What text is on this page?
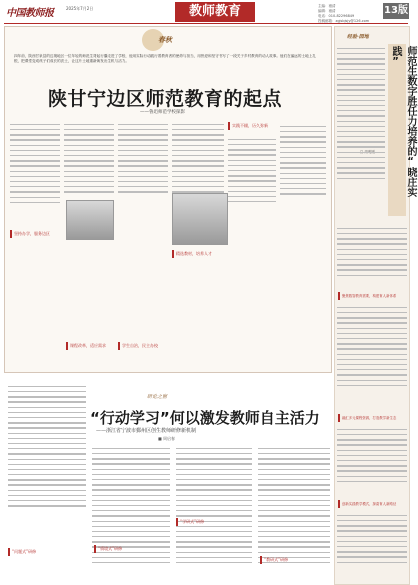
中国教师报	2025年7月2日	教师教育	主编：褚清
编辑：褚清
电话：010-82296849
投稿邮箱：zgjsbjsjy@126.com
13版
春秋
四年前，陕西甘泉县的边境地区一位年轻的师范生背起行囊走进了学校，他用实际行动践行着教育者的使命与担当，用热爱和坚守书写了一段关于乡村教育的动人故事。他们在偏远的土地上扎根，把课堂变成孩子们成长的沃土，让这片土地重新焕发出生机与活力。
陕甘宁边区师范教育的起点
——鲁迅师范学校探影
坚持办学，服务边区
课程改革，适应需求	学生自治，民主办校
实践不辍，历久弥新
研论之窗
“行动学习”何以激发教师自主活力
——浙江省宁波市鄞州区创生教师研修新机制
■ 周启春
“问题式”研修
“情境式”研修
“学研式”研修
“教研式”研修
经验·园地
师范生数字胜任力培养的“晓庄实践”
聚焦数智教育需要，构建育人新体系
融汇多元课程资源，打造教学新生态
创新实践教学模式，探索育人新路径
精选教材，培养人才
